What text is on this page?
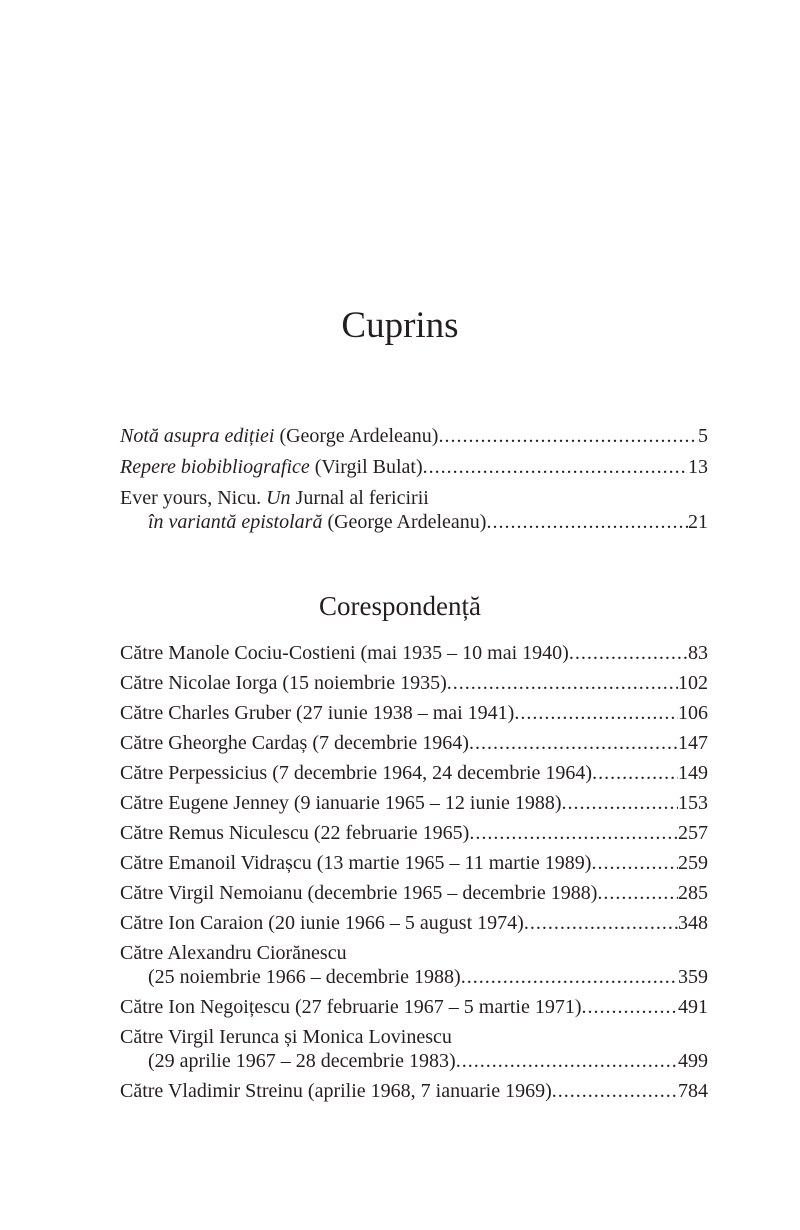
Cuprins
Notă asupra ediției (George Ardeleanu) .....	5
Repere biobibliografice (Virgil Bulat) .....	13
Ever yours, Nicu. Un Jurnal al fericirii
în variantă epistolară (George Ardeleanu) .....	21
Corespondență
Către Manole Cociu-Costieni (mai 1935 – 10 mai 1940) .....	83
Către Nicolae Iorga (15 noiembrie 1935) .....	102
Către Charles Gruber (27 iunie 1938 – mai 1941) .....	106
Către Gheorghe Cardaș (7 decembrie 1964) .....	147
Către Perpessicius (7 decembrie 1964, 24 decembrie 1964) .....	149
Către Eugene Jenney (9 ianuarie 1965 – 12 iunie 1988) .....	153
Către Remus Niculescu (22 februarie 1965) .....	257
Către Emanoil Vidrașcu (13 martie 1965 – 11 martie 1989) .....	259
Către Virgil Nemoianu (decembrie 1965 – decembrie 1988) .....	285
Către Ion Caraion (20 iunie 1966 – 5 august 1974) .....	348
Către Alexandru Ciorănescu
(25 noiembrie 1966 – decembrie 1988) .....	359
Către Ion Negoițescu (27 februarie 1967 – 5 martie 1971) .....	491
Către Virgil Ierunca și Monica Lovinescu
(29 aprilie 1967 – 28 decembrie 1983) .....	499
Către Vladimir Streinu (aprilie 1968, 7 ianuarie 1969) .....	784
